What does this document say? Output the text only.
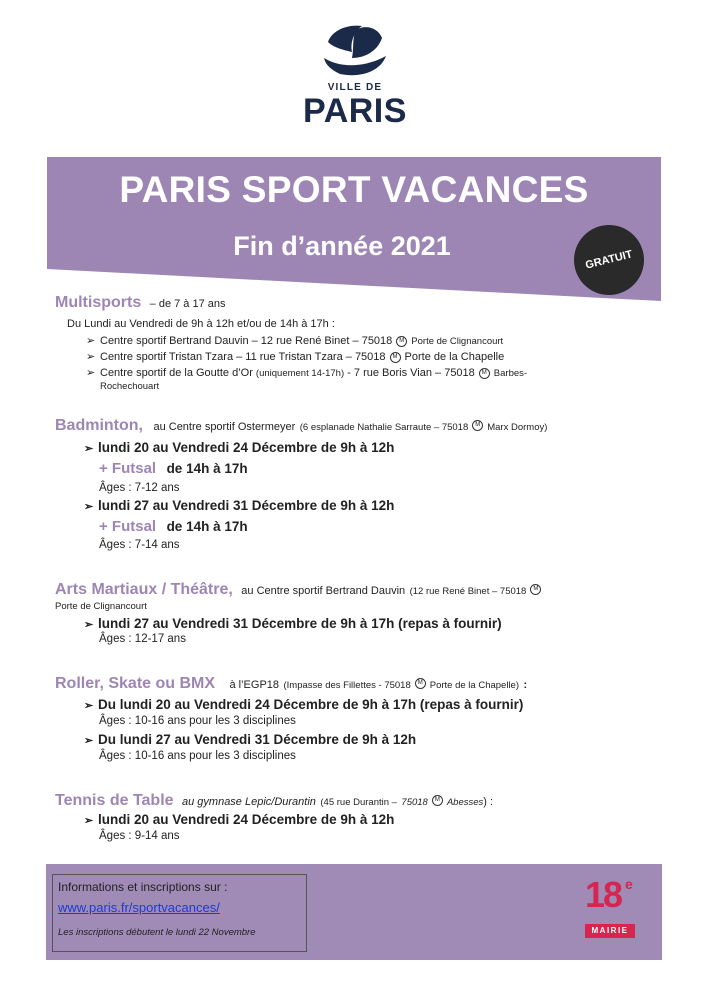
VILLE DE
PARIS
PARIS SPORT VACANCES
Fin d’année 2021	GRATUIT
Multisports – de 7 à 17 ans
Du Lundi au Vendredi de 9h à 12h et/ou de 14h à 17h :
➢ Centre sportif Bertrand Dauvin – 12 rue René Binet – 75018 M Porte de Clignancourt
➢ Centre sportif Tristan Tzara – 11 rue Tristan Tzara – 75018 M Porte de la Chapelle
➢ Centre sportif de la Goutte d’Or (uniquement 14-17h) - 7 rue Boris Vian – 75018 M Barbes-
Rochechouart
Badminton, au Centre sportif Ostermeyer (6 esplanade Nathalie Sarraute – 75018 M Marx Dormoy)
➢ lundi 20 au Vendredi 24 Décembre de 9h à 12h
+ Futsal de 14h à 17h
Âges : 7-12 ans
➢ lundi 27 au Vendredi 31 Décembre de 9h à 12h
+ Futsal de 14h à 17h
Âges : 7-14 ans
Arts Martiaux / Théâtre, au Centre sportif Bertrand Dauvin (12 rue René Binet – 75018 M
Porte de Clignancourt
➢ lundi 27 au Vendredi 31 Décembre de 9h à 17h (repas à fournir)
Âges : 12-17 ans
Roller, Skate ou BMX à l’EGP18 (Impasse des Fillettes - 75018 M Porte de la Chapelle) :
➢ Du lundi 20 au Vendredi 24 Décembre de 9h à 17h (repas à fournir)
Âges : 10-16 ans pour les 3 disciplines
➢ Du lundi 27 au Vendredi 31 Décembre de 9h à 12h
Âges : 10-16 ans pour les 3 disciplines
Tennis de Table au gymnase Lepic/Durantin (45 rue Durantin – 75018 M Abesses) :
➢ lundi 20 au Vendredi 24 Décembre de 9h à 12h
Âges : 9-14 ans
Informations et inscriptions sur :
www.paris.fr/sportvacances/
Les inscriptions débutent le lundi 22 Novembre
18 e
MAIRIE
